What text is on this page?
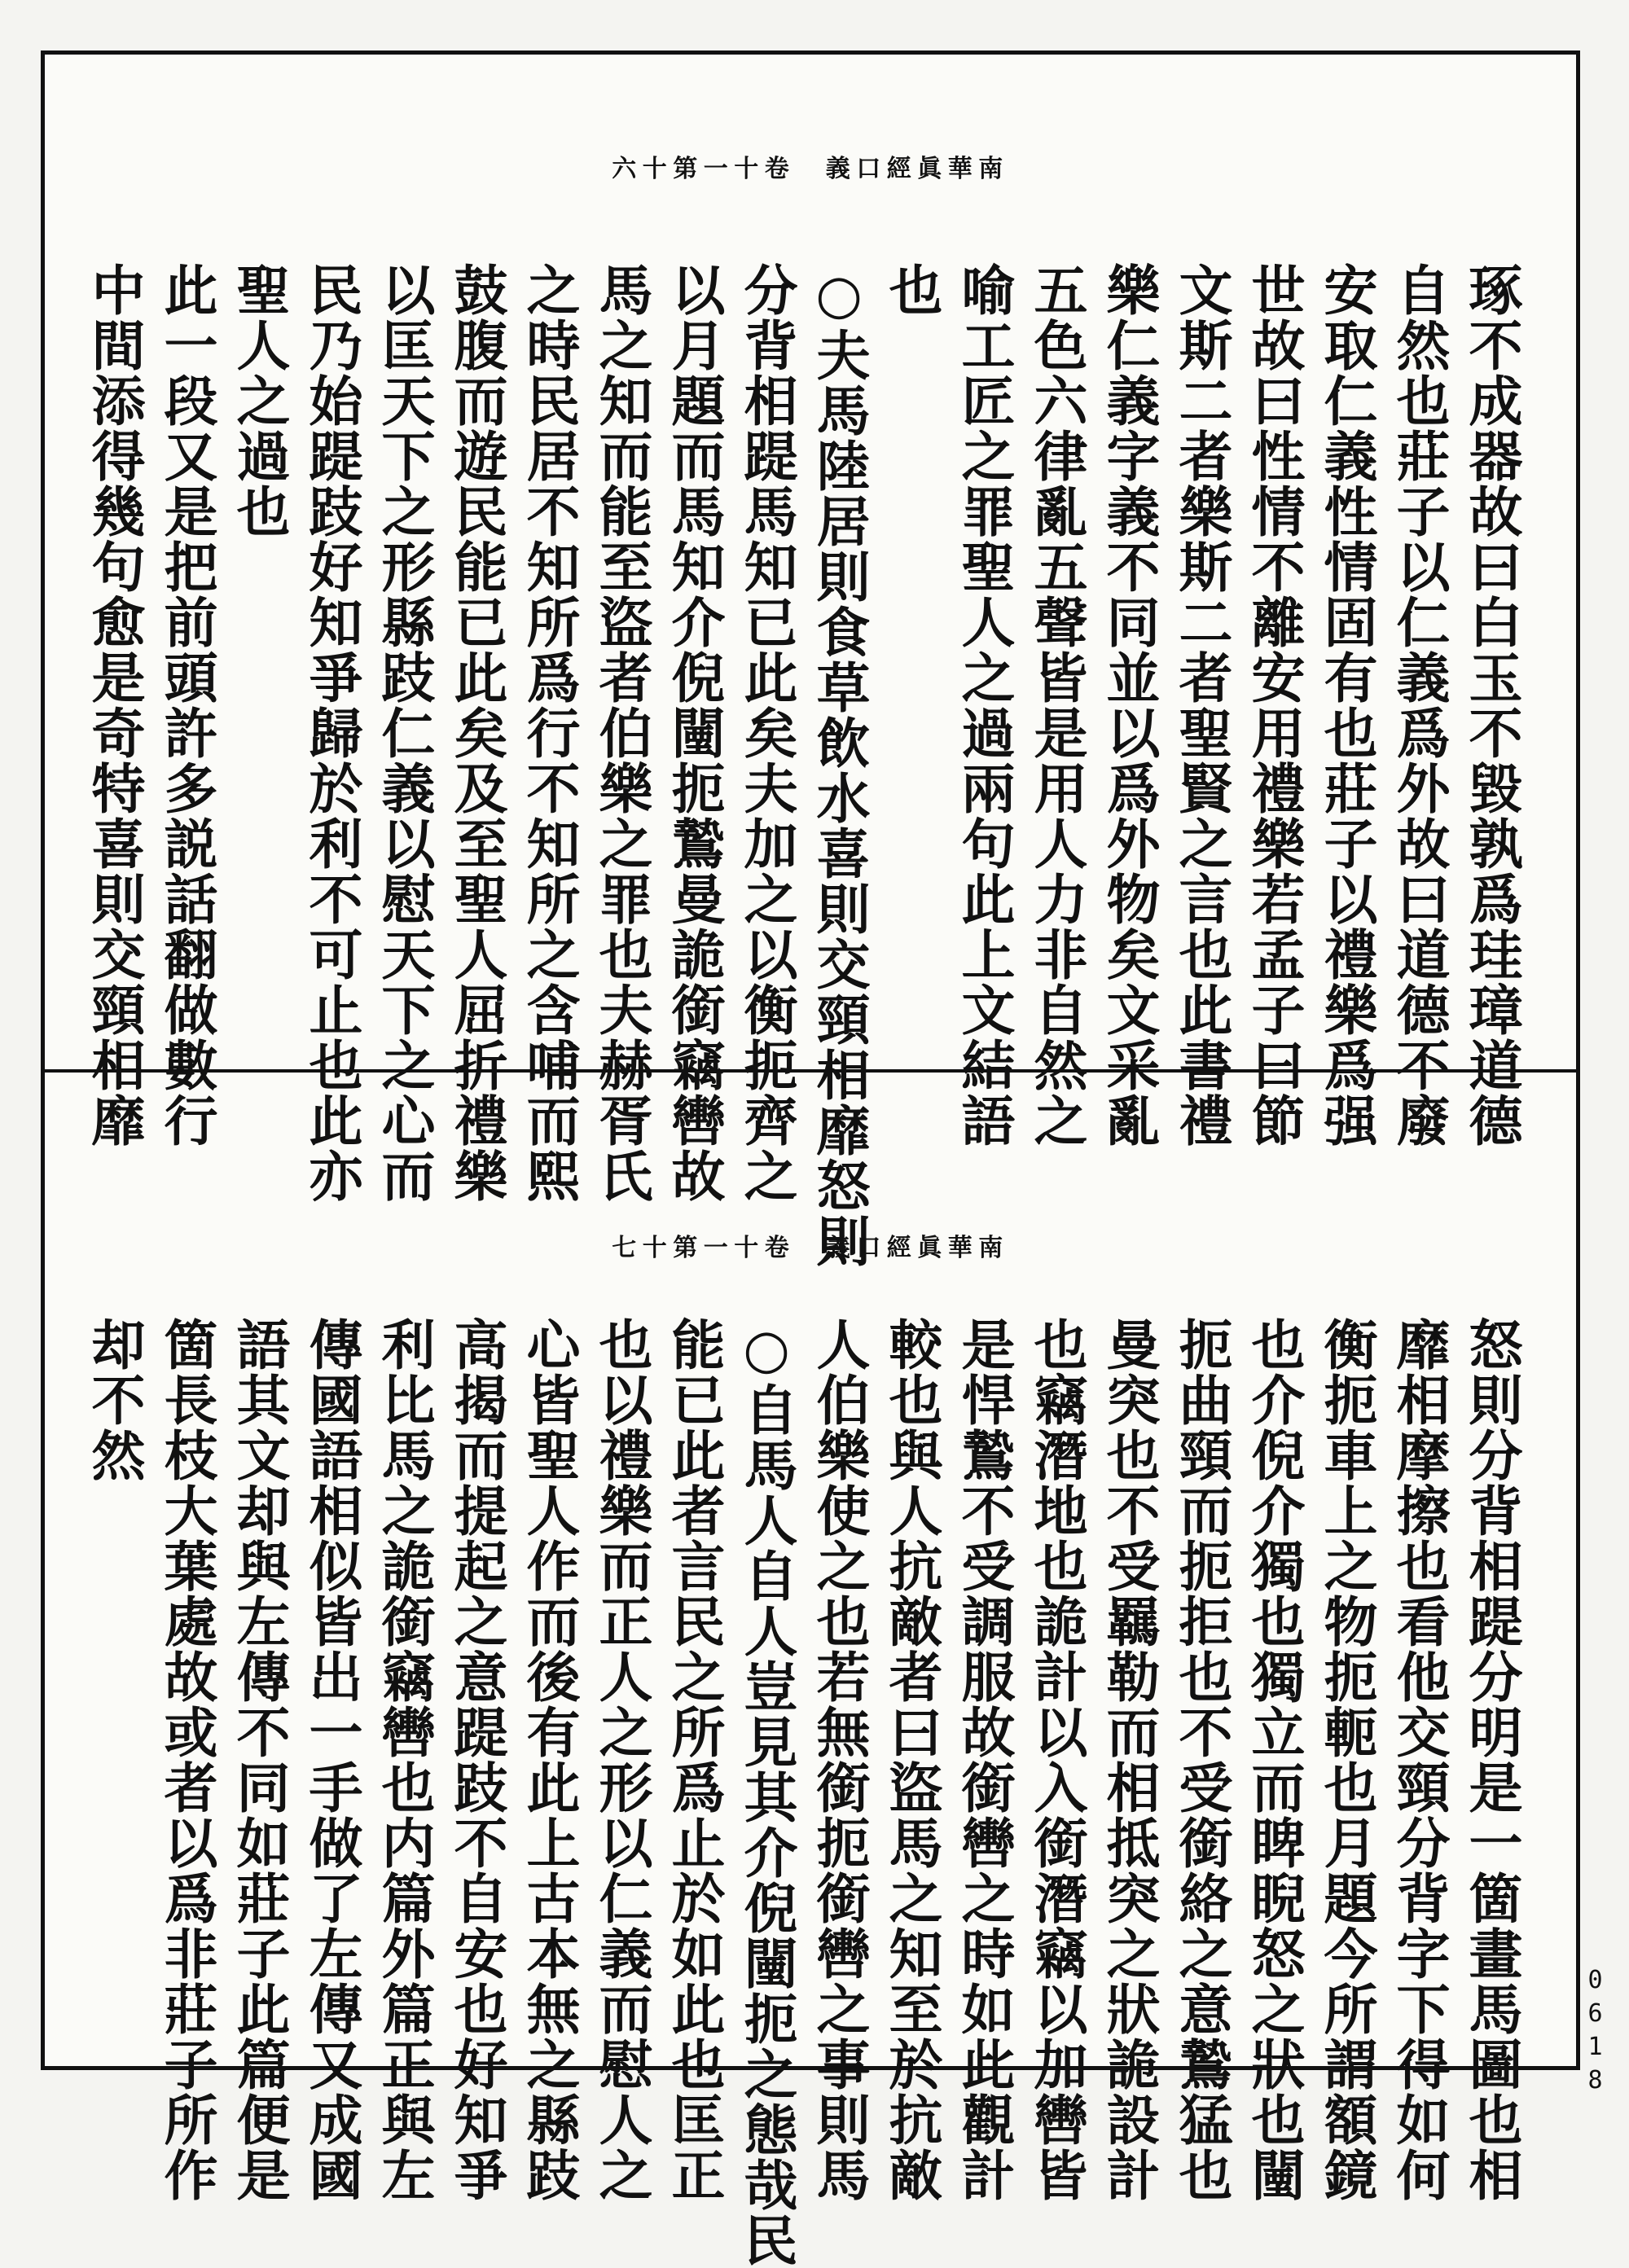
南華眞經口義　卷十一第十六
琢不成器故曰白玉不毀孰爲珪璋道德
自然也莊子以仁義爲外故曰道德不廢
安取仁義性情固有也莊子以禮樂爲强
世故曰性情不離安用禮樂若孟子曰節
文斯二者樂斯二者聖賢之言也此書禮
樂仁義字義不同並以爲外物矣文采亂
五色六律亂五聲皆是用人力非自然之
喻工匠之罪聖人之過兩句此上文結語
也
○夫馬陸居則食草飲水喜則交頸相靡怒則
分背相踶馬知已此矣夫加之以衡扼齊之
以月題而馬知介倪闉扼鷙曼詭銜竊轡故
馬之知而能至盜者伯樂之罪也夫赫胥氏
之時民居不知所爲行不知所之含哺而熙
鼓腹而遊民能已此矣及至聖人屈折禮樂
以匡天下之形縣跂仁義以慰天下之心而
民乃始踶跂好知爭歸於利不可止也此亦
聖人之過也
此一段又是把前頭許多説話翻做數行
中間添得幾句愈是奇特喜則交頸相靡
南華眞經口義　卷十一第十七
怒則分背相踶分明是一箇畫馬圖也相
靡相摩擦也看他交頸分背字下得如何
衡扼車上之物扼軛也月題今所謂額鏡
也介倪介獨也獨立而睥睨怒之狀也闉
扼曲頸而扼拒也不受銜絡之意鷙猛也
曼突也不受羈勒而相抵突之狀詭設計
也竊潛地也詭計以入銜潛竊以加轡皆
是悍鷙不受調服故銜轡之時如此觀計
較也與人抗敵者曰盜馬之知至於抗敵
人伯樂使之也若無銜扼銜轡之事則馬
○自馬人自人豈見其介倪闉扼之態哉民
能已此者言民之所爲止於如此也匡正
也以禮樂而正人之形以仁義而慰人之
心皆聖人作而後有此上古本無之縣跂
高揭而提起之意踶跂不自安也好知爭
利比馬之詭銜竊轡也内篇外篇正與左
傳國語相似皆出一手做了左傳又成國
語其文却與左傳不同如莊子此篇便是
箇長枝大葉處故或者以爲非莊子所作
却不然
0618
